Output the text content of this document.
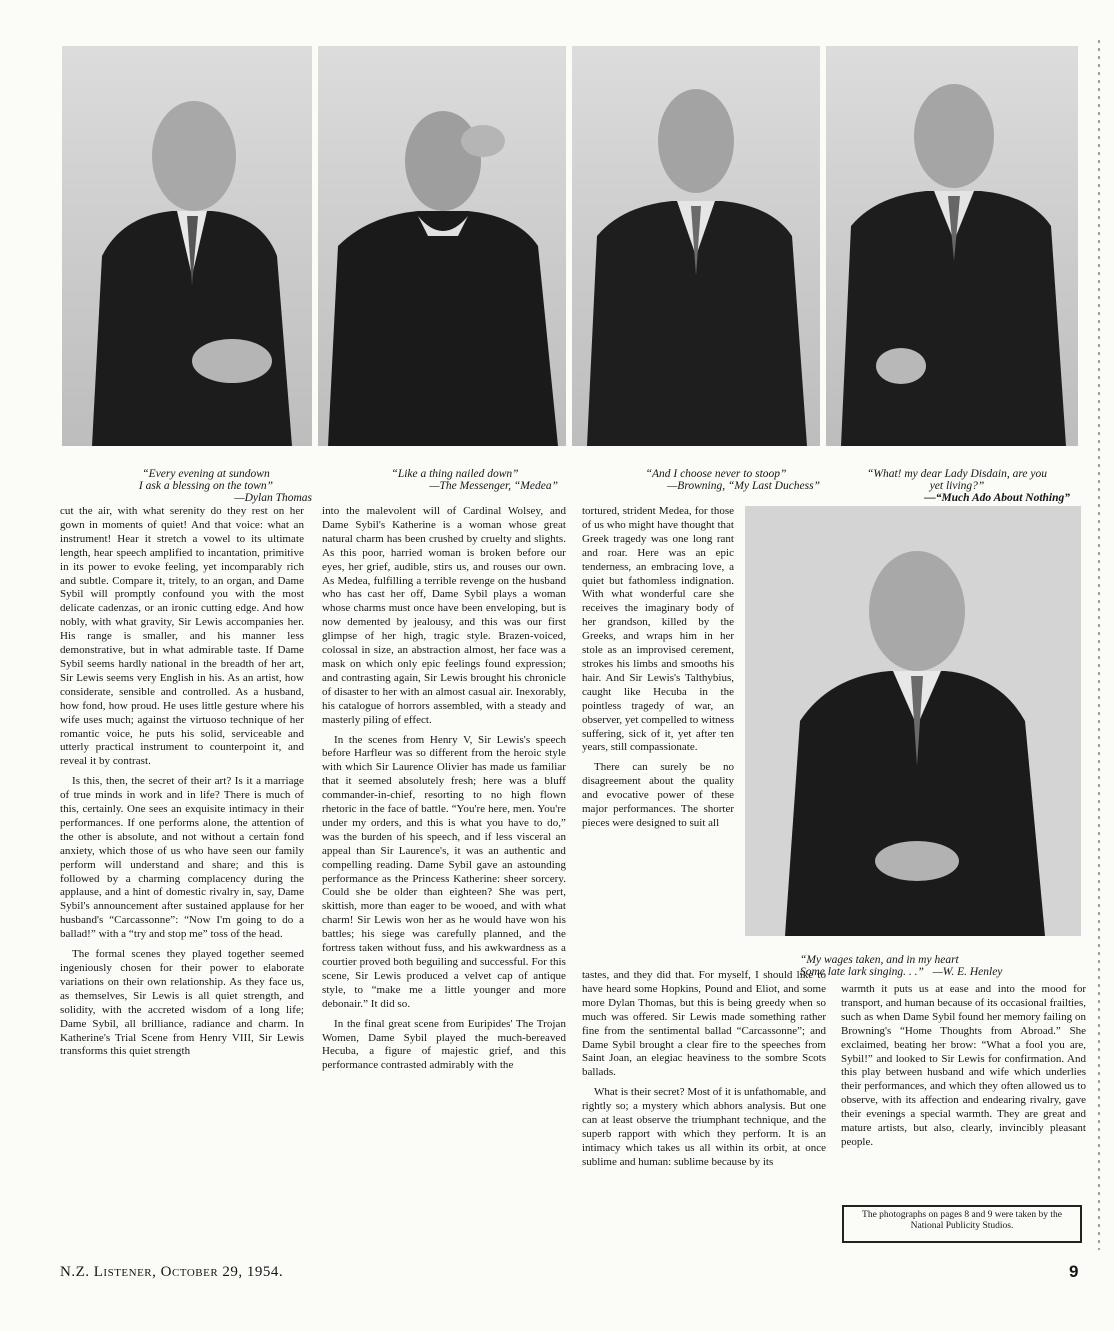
“Every evening at sundown
I ask a blessing on the town”
—Dylan Thomas

“Like a thing nailed down”
—The Messenger, “Medea”

“And I choose never to stoop”
—Browning, “My Last Duchess”

“What! my dear Lady Disdain, are you
yet living?”
—“Much Ado About Nothing”

cut the air, with what serenity do they rest on her gown in moments of quiet! And that voice: what an instrument! Hear it stretch a vowel to its ultimate length, hear speech amplified to incantation, primitive in its power to evoke feeling, yet incomparably rich and subtle. Compare it, tritely, to an organ, and Dame Sybil will promptly confound you with the most delicate cadenzas, or an ironic cutting edge. And how nobly, with what gravity, Sir Lewis accompanies her. His range is smaller, and his manner less demonstrative, but in what admirable taste. If Dame Sybil seems hardly national in the breadth of her art, Sir Lewis seems very English in his. As an artist, how considerate, sensible and controlled. As a husband, how fond, how proud. He uses little gesture where his wife uses much; against the virtuoso technique of her romantic voice, he puts his solid, serviceable and utterly practical instrument to counterpoint it, and reveal it by contrast.

Is this, then, the secret of their art? Is it a marriage of true minds in work and in life? There is much of this, certainly. One sees an exquisite intimacy in their performances. If one performs alone, the attention of the other is absolute, and not without a certain fond anxiety, which those of us who have seen our family perform will understand and share; and this is followed by a charming complacency during the applause, and a hint of domestic rivalry in, say, Dame Sybil's announcement after sustained applause for her husband's “Carcassonne”: “Now I'm going to do a ballad!” with a “try and stop me” toss of the head.

The formal scenes they played together seemed ingeniously chosen for their power to elaborate variations on their own relationship. As they face us, as themselves, Sir Lewis is all quiet strength, and solidity, with the accreted wisdom of a long life; Dame Sybil, all brilliance, radiance and charm. In Katherine's Trial Scene from Henry VIII, Sir Lewis transforms this quiet strength

into the malevolent will of Cardinal Wolsey, and Dame Sybil's Katherine is a woman whose great natural charm has been crushed by cruelty and slights. As this poor, harried woman is broken before our eyes, her grief, audible, stirs us, and rouses our own. As Medea, fulfilling a terrible revenge on the husband who has cast her off, Dame Sybil plays a woman whose charms must once have been enveloping, but is now demented by jealousy, and this was our first glimpse of her high, tragic style. Brazen-voiced, colossal in size, an abstraction almost, her face was a mask on which only epic feelings found expression; and contrasting again, Sir Lewis brought his chronicle of disaster to her with an almost casual air. Inexorably, his catalogue of horrors assembled, with a steady and masterly piling of effect.

In the scenes from Henry V, Sir Lewis's speech before Harfleur was so different from the heroic style with which Sir Laurence Olivier has made us familiar that it seemed absolutely fresh; here was a bluff commander-in-chief, resorting to no high flown rhetoric in the face of battle. “You're here, men. You're under my orders, and this is what you have to do,” was the burden of his speech, and if less visceral an appeal than Sir Laurence's, it was an authentic and compelling reading. Dame Sybil gave an astounding performance as the Princess Katherine: sheer sorcery. Could she be older than eighteen? She was pert, skittish, more than eager to be wooed, and with what charm! Sir Lewis won her as he would have won his battles; his siege was carefully planned, and the fortress taken without fuss, and his awkwardness as a courtier proved both beguiling and successful. For this scene, Sir Lewis produced a velvet cap of antique style, to “make me a little younger and more debonair.” It did so.

In the final great scene from Euripides' The Trojan Women, Dame Sybil played the much-bereaved Hecuba, a figure of majestic grief, and this performance contrasted admirably with the

tortured, strident Medea, for those of us who might have thought that Greek tragedy was one long rant and roar. Here was an epic tenderness, an embracing love, a quiet but fathomless indignation. With what wonderful care she receives the imaginary body of her grandson, killed by the Greeks, and wraps him in her stole as an improvised cerement, strokes his limbs and smooths his hair. And Sir Lewis's Talthybius, caught like Hecuba in the pointless tragedy of war, an observer, yet compelled to witness suffering, sick of it, yet after ten years, still compassionate.

There can surely be no disagreement about the quality and evocative power of these major performances. The shorter pieces were designed to suit all

“My wages taken, and in my heart
Some late lark singing. . .” —W. E. Henley

tastes, and they did that. For myself, I should like to have heard some Hopkins, Pound and Eliot, and some more Dylan Thomas, but this is being greedy when so much was offered. Sir Lewis made something rather fine from the sentimental ballad “Carcassonne”; and Dame Sybil brought a clear fire to the speeches from Saint Joan, an elegiac heaviness to the sombre Scots ballads.

What is their secret? Most of it is unfathomable, and rightly so; a mystery which abhors analysis. But one can at least observe the triumphant technique, and the superb rapport with which they perform. It is an intimacy which takes us all within its orbit, at once sublime and human: sublime because by its

warmth it puts us at ease and into the mood for transport, and human because of its occasional frailties, such as when Dame Sybil found her memory failing on Browning's “Home Thoughts from Abroad.” She exclaimed, beating her brow: “What a fool you are, Sybil!” and looked to Sir Lewis for confirmation. And this play between husband and wife which underlies their performances, and which they often allowed us to observe, with its affection and endearing rivalry, gave their evenings a special warmth. They are great and mature artists, but also, clearly, invincibly pleasant people.

The photographs on pages 8 and 9 were taken by the National Publicity Studios.
N.Z. Listener, October 29, 1954.	9
